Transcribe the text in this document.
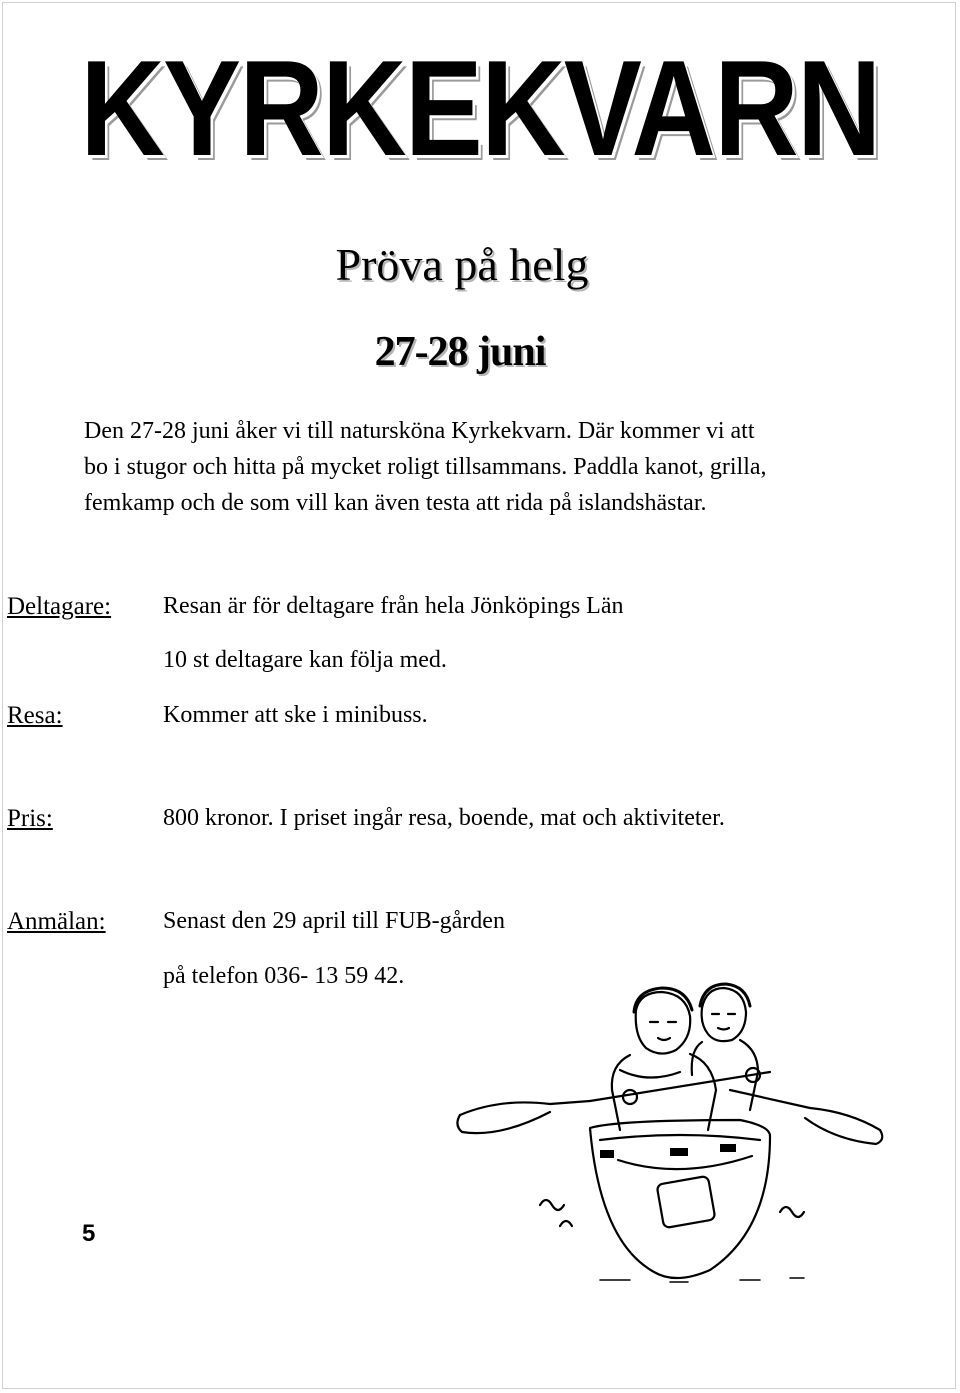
KYRKEKVARN
Pröva på helg
27-28 juni
Den 27-28 juni åker vi till natursköna Kyrkekvarn. Där kommer vi att
bo i stugor och hitta på mycket roligt tillsammans. Paddla kanot, grilla,
femkamp och de som vill kan även testa att rida på islandshästar.
Deltagare: Resan är för deltagare från hela Jönköpings Län
10 st deltagare kan följa med.
Resa:	Kommer att ske i minibuss.
Pris:	800 kronor. I priset ingår resa, boende, mat och aktiviteter.
Anmälan: Senast den 29 april till FUB-gården
på telefon 036- 13 59 42.
5
